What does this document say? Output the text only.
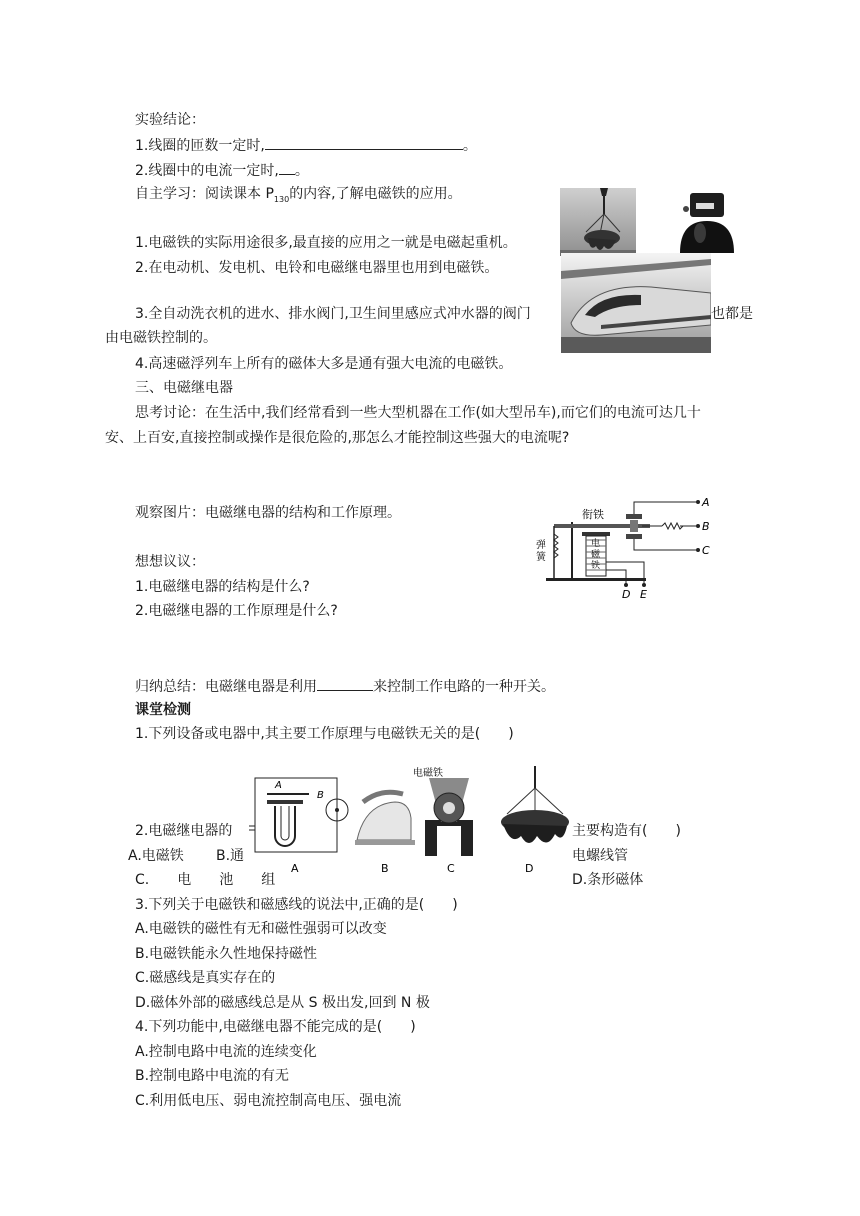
实验结论：
1.线圈的匝数一定时,	。
2.线圈中的电流一定时, 。
自主学习：阅读课本 $P_{130}$的内容,了解电磁铁的应用。
1.电磁铁的实际用途很多,最直接的应用之一就是电磁起重机。
2.在电动机、发电机、电铃和电磁继电器里也用到电磁铁。
3.全自动洗衣机的进水、排水阀门,卫生间里感应式冲水器的阀门	也都是
由电磁铁控制的。
4.高速磁浮列车上所有的磁体大多是通有强大电流的电磁铁。
三、电磁继电器
思考讨论：在生活中,我们经常看到一些大型机器在工作(如大型吊车),而它们的电流可达几十
安、上百安,直接控制或操作是很危险的,那怎么才能控制这些强大的电流呢?
观察图片：电磁继电器的结构和工作原理。
想想议议：
1.电磁继电器的结构是什么?
2.电磁继电器的工作原理是什么?
归纳总结：电磁继电器是利用	来控制工作电路的一种开关。
衔铁
弹
簧
电
磁
铁
A
B
C
D E
课堂检测
1.下列设备或电器中,其主要工作原理与电磁铁无关的是(　　)
A
B
电磁铁
A	B	C	D
2.电磁继电器的	主要构造有(　　)
A.电磁铁 B.通	电螺线管
C.　　电　　池　　组	D.条形磁体
3.下列关于电磁铁和磁感线的说法中,正确的是(　　)
A.电磁铁的磁性有无和磁性强弱可以改变
B.电磁铁能永久性地保持磁性
C.磁感线是真实存在的
D.磁体外部的磁感线总是从 S 极出发,回到 N 极
4.下列功能中,电磁继电器不能完成的是(　　)
A.控制电路中电流的连续变化
B.控制电路中电流的有无
C.利用低电压、弱电流控制高电压、强电流
